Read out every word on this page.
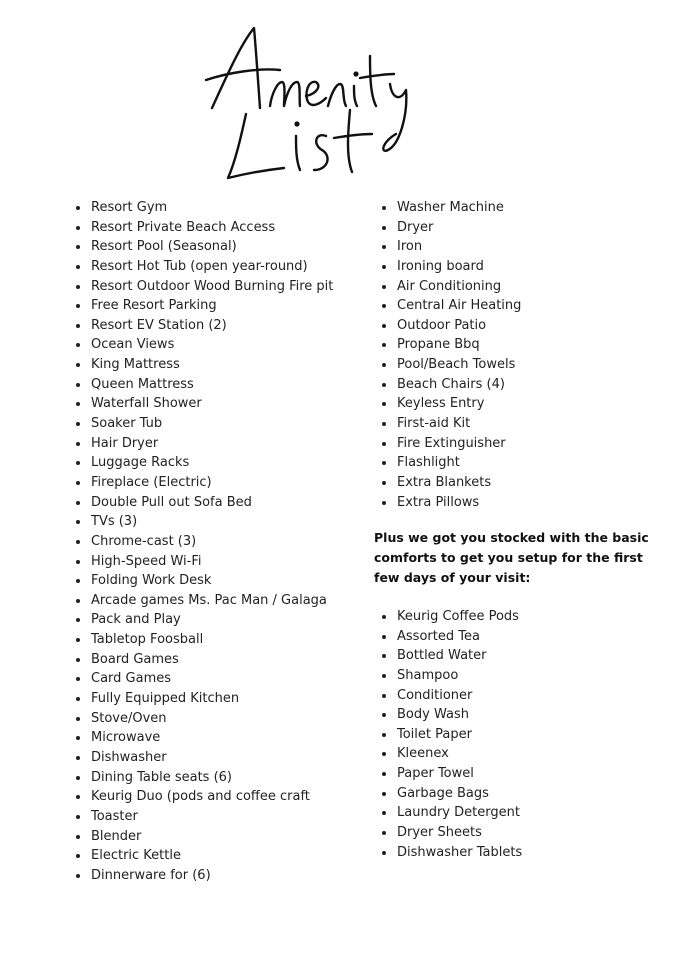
Resort Gym
Resort Private Beach Access
Resort Pool (Seasonal)
Resort Hot Tub (open year-round)
Resort Outdoor Wood Burning Fire pit
Free Resort Parking
Resort EV Station (2)
Ocean Views
King Mattress
Queen Mattress
Waterfall Shower
Soaker Tub
Hair Dryer
Luggage Racks
Fireplace (Electric)
Double Pull out Sofa Bed
TVs (3)
Chrome-cast (3)
High-Speed Wi-Fi
Folding Work Desk
Arcade games Ms. Pac Man / Galaga
Pack and Play
Tabletop Foosball
Board Games
Card Games
Fully Equipped Kitchen
Stove/Oven
Microwave
Dishwasher
Dining Table seats (6)
Keurig Duo (pods and coffee craft
Toaster
Blender
Electric Kettle
Dinnerware for (6)
Washer Machine
Dryer
Iron
Ironing board
Air Conditioning
Central Air Heating
Outdoor Patio
Propane Bbq
Pool/Beach Towels
Beach Chairs (4)
Keyless Entry
First-aid Kit
Fire Extinguisher
Flashlight
Extra Blankets
Extra Pillows
Plus we got you stocked with the basic comforts to get you setup for the first few days of your visit:
Keurig Coffee Pods
Assorted Tea
Bottled Water
Shampoo
Conditioner
Body Wash
Toilet Paper
Kleenex
Paper Towel
Garbage Bags
Laundry Detergent
Dryer Sheets
Dishwasher Tablets
